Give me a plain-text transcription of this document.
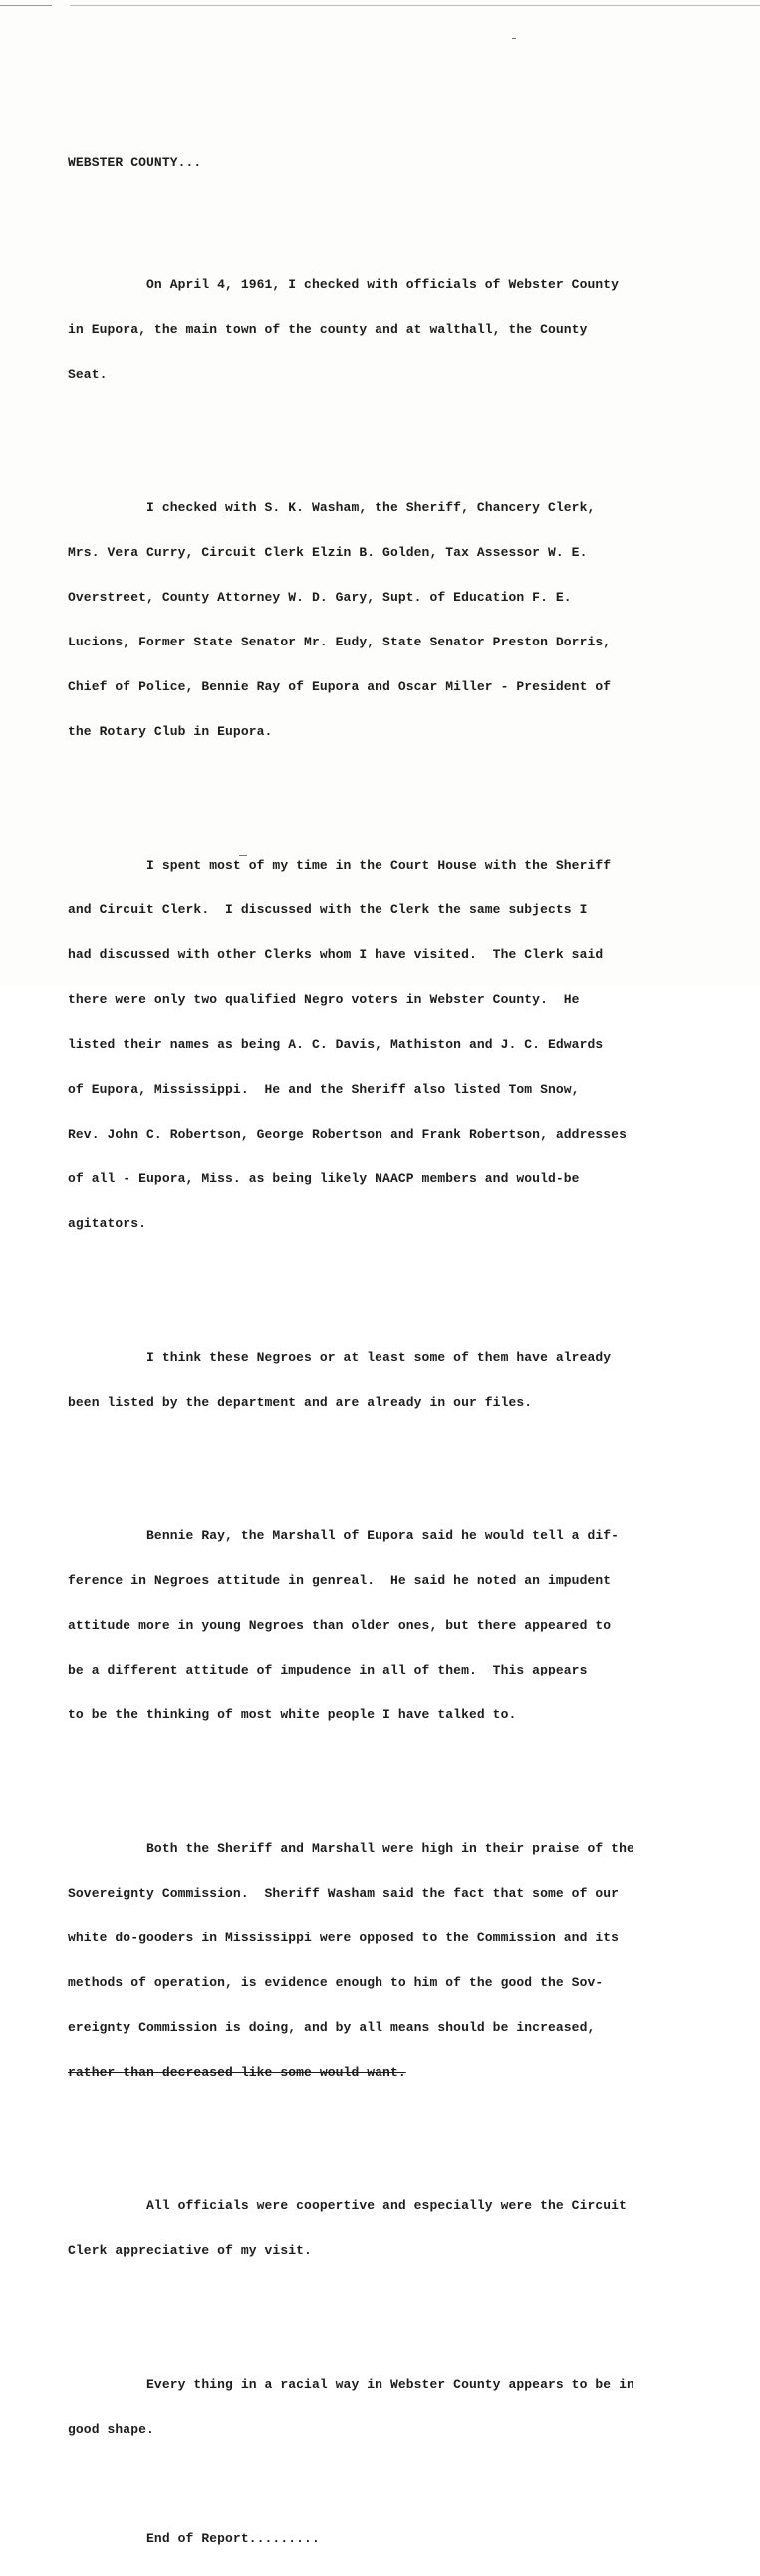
WEBSTER COUNTY...

On April 4, 1961, I checked with officials of Webster County

in Eupora, the main town of the county and at walthall, the County

Seat.

I checked with S. K. Washam, the Sheriff, Chancery Clerk,

Mrs. Vera Curry, Circuit Clerk Elzin B. Golden, Tax Assessor W. E.

Overstreet, County Attorney W. D. Gary, Supt. of Education F. E.

Lucions, Former State Senator Mr. Eudy, State Senator Preston Dorris,

Chief of Police, Bennie Ray of Eupora and Oscar Miller - President of

the Rotary Club in Eupora.

I spent most of my time in the Court House with the Sheriff

and Circuit Clerk.  I discussed with the Clerk the same subjects I

had discussed with other Clerks whom I have visited.  The Clerk said

there were only two qualified Negro voters in Webster County.  He

listed their names as being A. C. Davis, Mathiston and J. C. Edwards

of Eupora, Mississippi.  He and the Sheriff also listed Tom Snow,

Rev. John C. Robertson, George Robertson and Frank Robertson, addresses

of all - Eupora, Miss. as being likely NAACP members and would-be

agitators.

I think these Negroes or at least some of them have already

been listed by the department and are already in our files.

Bennie Ray, the Marshall of Eupora said he would tell a dif-

ference in Negroes attitude in genreal.  He said he noted an impudent

attitude more in young Negroes than older ones, but there appeared to

be a different attitude of impudence in all of them.  This appears

to be the thinking of most white people I have talked to.

Both the Sheriff and Marshall were high in their praise of the

Sovereignty Commission.  Sheriff Washam said the fact that some of our

white do-gooders in Mississippi were opposed to the Commission and its

methods of operation, is evidence enough to him of the good the Sov-

ereignty Commission is doing, and by all means should be increased,

rather than decreased like some would want.

All officials were coopertive and especially were the Circuit

Clerk appreciative of my visit.

Every thing in a racial way in Webster County appears to be in

good shape.

End of Report.........
